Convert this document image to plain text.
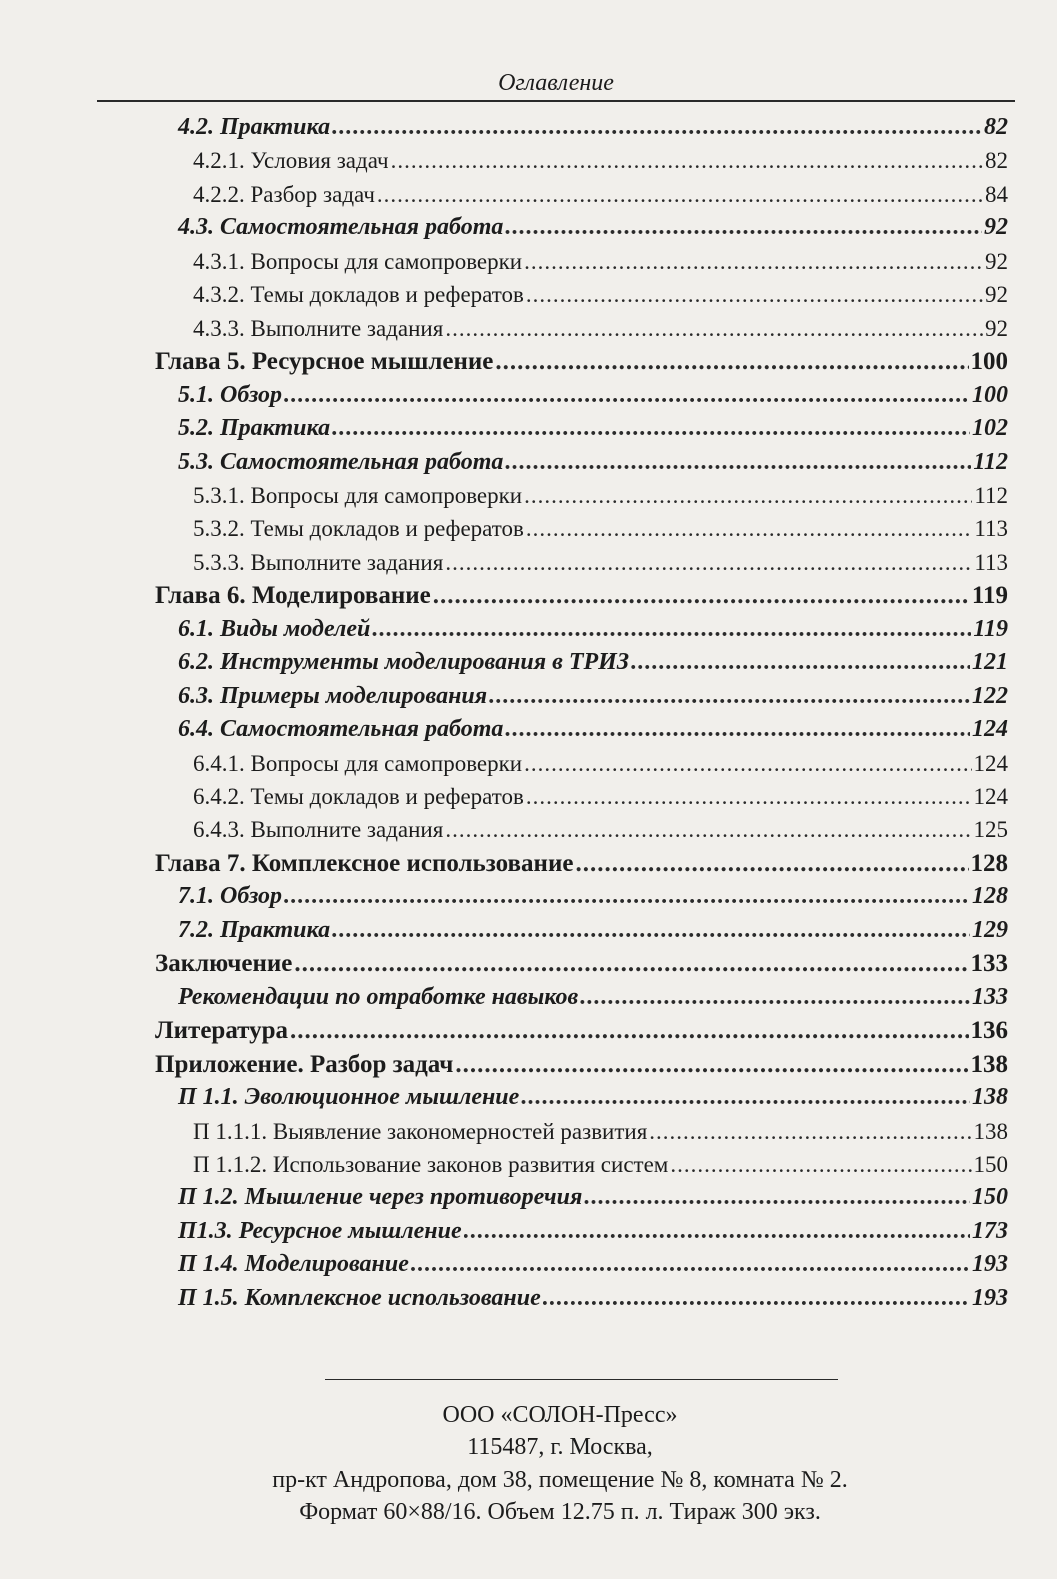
Оглавление
4.2. Практика .....	82
4.2.1. Условия задач .....	82
4.2.2. Разбор задач .....	84
4.3. Самостоятельная работа .....	92
4.3.1. Вопросы для самопроверки .....	92
4.3.2. Темы докладов и рефератов .....	92
4.3.3. Выполните задания .....	92
Глава 5. Ресурсное мышление .....	100
5.1. Обзор .....	100
5.2. Практика .....	102
5.3. Самостоятельная работа .....	112
5.3.1. Вопросы для самопроверки .....	112
5.3.2. Темы докладов и рефератов .....	113
5.3.3. Выполните задания .....	113
Глава 6. Моделирование .....	119
6.1. Виды моделей .....	119
6.2. Инструменты моделирования в ТРИЗ .....	121
6.3. Примеры моделирования .....	122
6.4. Самостоятельная работа .....	124
6.4.1. Вопросы для самопроверки .....	124
6.4.2. Темы докладов и рефератов .....	124
6.4.3. Выполните задания .....	125
Глава 7. Комплексное использование .....	128
7.1. Обзор .....	128
7.2. Практика .....	129
Заключение .....	133
Рекомендации по отработке навыков .....	133
Литература .....	136
Приложение. Разбор задач .....	138
П 1.1. Эволюционное мышление .....	138
П 1.1.1. Выявление закономерностей развития .....	138
П 1.1.2. Использование законов развития систем .....	150
П 1.2. Мышление через противоречия .....	150
П1.3. Ресурсное мышление .....	173
П 1.4. Моделирование .....	193
П 1.5. Комплексное использование .....	193
ООО «СОЛОН-Пресс»
115487, г. Москва,
пр-кт Андропова, дом 38, помещение № 8, комната № 2.
Формат 60×88/16. Объем 12.75 п. л. Тираж 300 экз.
